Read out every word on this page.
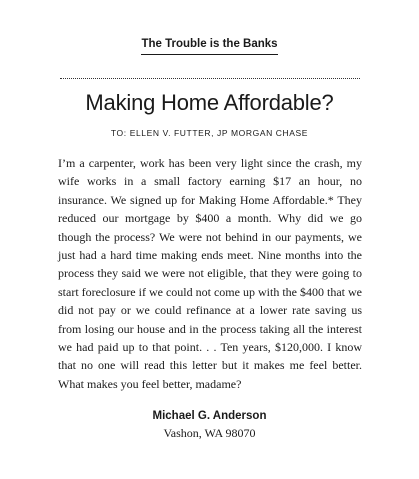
The Trouble is the Banks
Making Home Affordable?
TO: ELLEN V. FUTTER, JP MORGAN CHASE

I’m a carpenter, work has been very light since the crash, my wife works in a small factory earning $17 an hour, no insurance. We signed up for Making Home Affordable.* They reduced our mortgage by $400 a month. Why did we go though the process? We were not behind in our payments, we just had a hard time making ends meet. Nine months into the process they said we were not eligible, that they were going to start foreclosure if we could not come up with the $400 that we did not pay or we could refinance at a lower rate saving us from losing our house and in the process taking all the interest we had paid up to that point. . . Ten years, $120,000. I know that no one will read this letter but it makes me feel better. What makes you feel better, madame?

Michael G. Anderson
Vashon, WA 98070
